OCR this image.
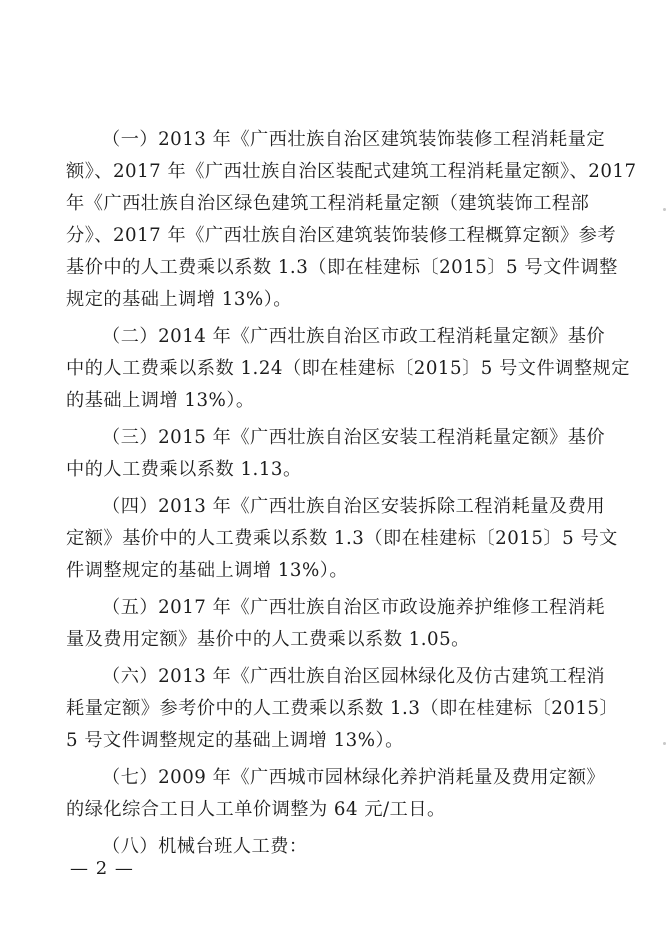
（一）2013 年《广西壮族自治区建筑装饰装修工程消耗量定
额》、2017 年《广西壮族自治区装配式建筑工程消耗量定额》、2017
年《广西壮族自治区绿色建筑工程消耗量定额（建筑装饰工程部
分》、2017 年《广西壮族自治区建筑装饰装修工程概算定额》参考
基价中的人工费乘以系数 1.3（即在桂建标〔2015〕5 号文件调整
规定的基础上调增 13%）。

（二）2014 年《广西壮族自治区市政工程消耗量定额》基价
中的人工费乘以系数 1.24（即在桂建标〔2015〕5 号文件调整规定
的基础上调增 13%）。

（三）2015 年《广西壮族自治区安装工程消耗量定额》基价
中的人工费乘以系数 1.13。

（四）2013 年《广西壮族自治区安装拆除工程消耗量及费用
定额》基价中的人工费乘以系数 1.3（即在桂建标〔2015〕5 号文
件调整规定的基础上调增 13%）。

（五）2017 年《广西壮族自治区市政设施养护维修工程消耗
量及费用定额》基价中的人工费乘以系数 1.05。

（六）2013 年《广西壮族自治区园林绿化及仿古建筑工程消
耗量定额》参考价中的人工费乘以系数 1.3（即在桂建标〔2015〕
5 号文件调整规定的基础上调增 13%）。

（七）2009 年《广西城市园林绿化养护消耗量及费用定额》
的绿化综合工日人工单价调整为 64 元/工日。

（八）机械台班人工费：

— 2 —
